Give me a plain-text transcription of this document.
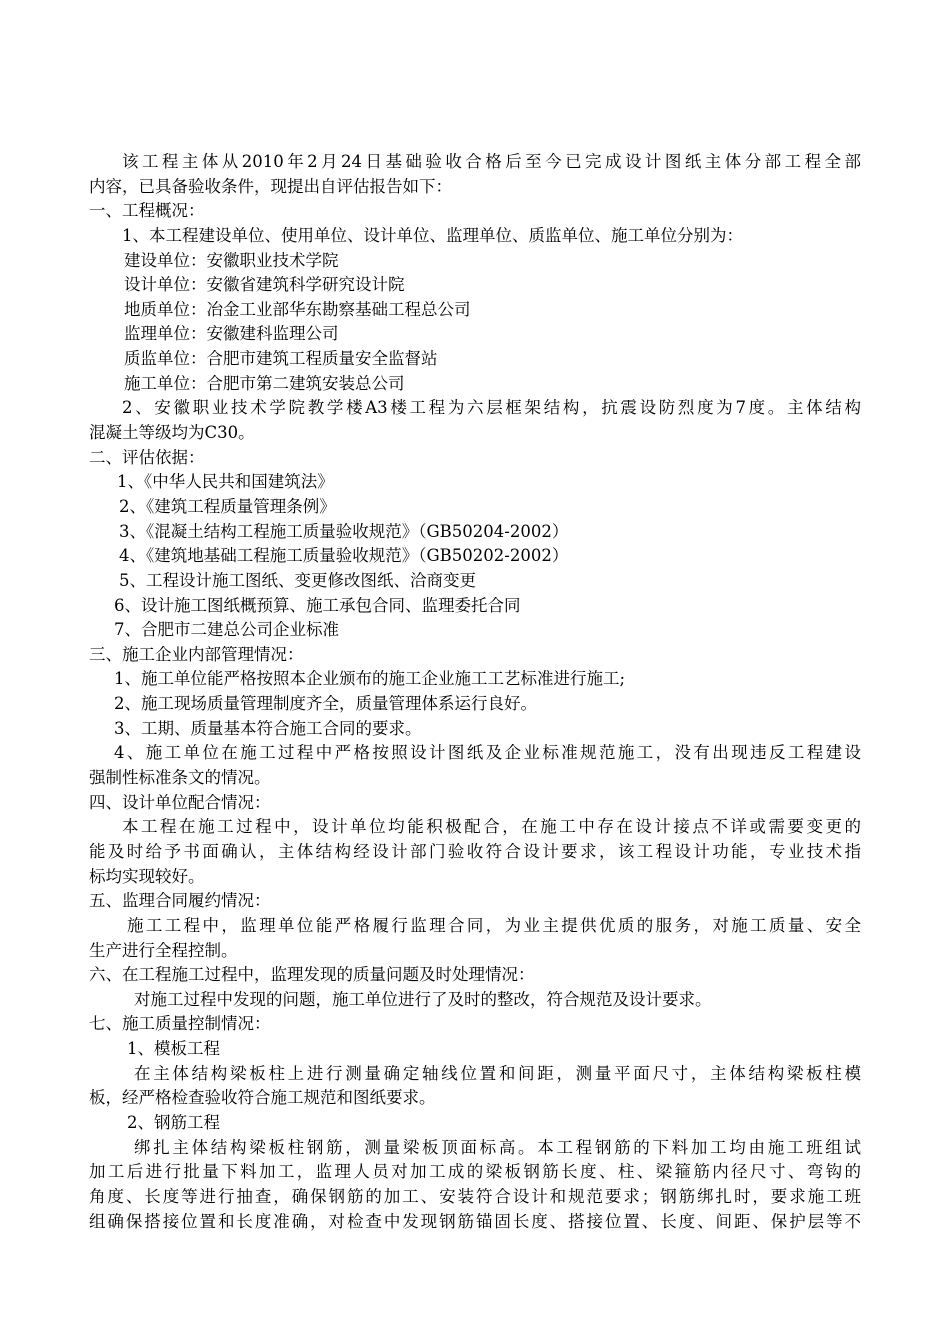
该工程主体从2010年2月24日基础验收合格后至今已完成设计图纸主体分部工程全部
内容，已具备验收条件，现提出自评估报告如下：
一、工程概况：
1、本工程建设单位、使用单位、设计单位、监理单位、质监单位、施工单位分别为：
建设单位：安徽职业技术学院
设计单位：安徽省建筑科学研究设计院
地质单位：冶金工业部华东勘察基础工程总公司
监理单位：安徽建科监理公司
质监单位：合肥市建筑工程质量安全监督站
施工单位：合肥市第二建筑安装总公司
2、安徽职业技术学院教学楼A3楼工程为六层框架结构，抗震设防烈度为7度。主体结构
混凝土等级均为C30。
二、评估依据：
1、《中华人民共和国建筑法》
2、《建筑工程质量管理条例》
3、《混凝土结构工程施工质量验收规范》（GB50204-2002）
4、《建筑地基础工程施工质量验收规范》（GB50202-2002）
5、工程设计施工图纸、变更修改图纸、洽商变更
6、设计施工图纸概预算、施工承包合同、监理委托合同
7、合肥市二建总公司企业标准
三、施工企业内部管理情况：
1、施工单位能严格按照本企业颁布的施工企业施工工艺标准进行施工;
2、施工现场质量管理制度齐全，质量管理体系运行良好。
3、工期、质量基本符合施工合同的要求。
4、施工单位在施工过程中严格按照设计图纸及企业标准规范施工，没有出现违反工程建设
强制性标准条文的情况。
四、设计单位配合情况：
本工程在施工过程中，设计单位均能积极配合，在施工中存在设计接点不详或需要变更的
能及时给予书面确认，主体结构经设计部门验收符合设计要求，该工程设计功能，专业技术指
标均实现较好。
五、监理合同履约情况：
施工工程中，监理单位能严格履行监理合同，为业主提供优质的服务，对施工质量、安全
生产进行全程控制。
六、在工程施工过程中，监理发现的质量问题及时处理情况：
对施工过程中发现的问题，施工单位进行了及时的整改，符合规范及设计要求。
七、施工质量控制情况：
1、模板工程
在主体结构梁板柱上进行测量确定轴线位置和间距，测量平面尺寸，主体结构梁板柱模
板，经严格检查验收符合施工规范和图纸要求。
2、钢筋工程
绑扎主体结构梁板柱钢筋，测量梁板顶面标高。本工程钢筋的下料加工均由施工班组试
加工后进行批量下料加工，监理人员对加工成的梁板钢筋长度、柱、梁箍筋内径尺寸、弯钩的
角度、长度等进行抽查，确保钢筋的加工、安装符合设计和规范要求；钢筋绑扎时，要求施工班
组确保搭接位置和长度准确，对检查中发现钢筋锚固长度、搭接位置、长度、间距、保护层等不
